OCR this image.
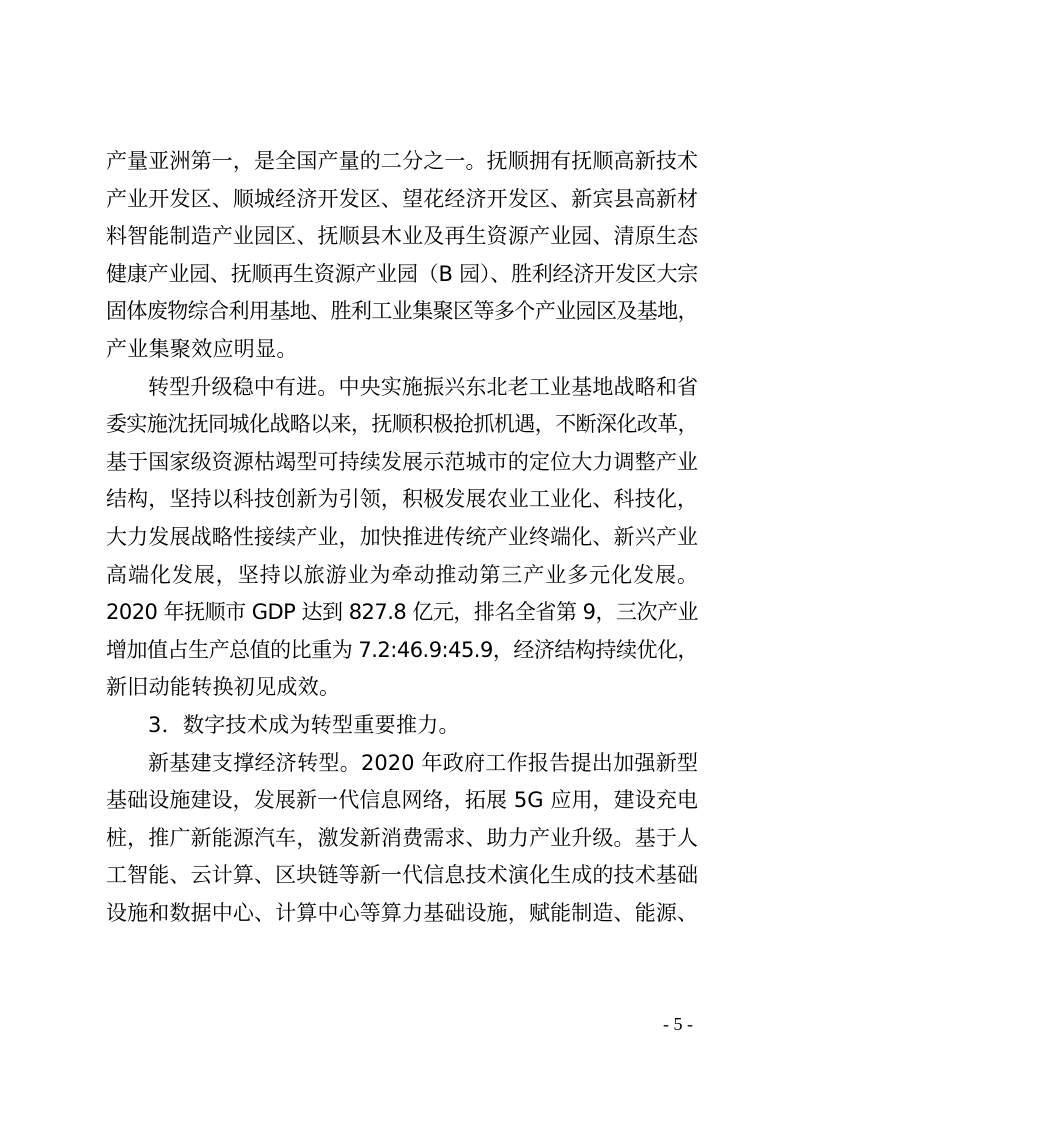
产量亚洲第一，是全国产量的二分之一。抚顺拥有抚顺高新技术
产业开发区、顺城经济开发区、望花经济开发区、新宾县高新材
料智能制造产业园区、抚顺县木业及再生资源产业园、清原生态
健康产业园、抚顺再生资源产业园（B 园）、胜利经济开发区大宗
固体废物综合利用基地、胜利工业集聚区等多个产业园区及基地，

产业集聚效应明显。

转型升级稳中有进。中央实施振兴东北老工业基地战略和省
委实施沈抚同城化战略以来，抚顺积极抢抓机遇，不断深化改革，
基于国家级资源枯竭型可持续发展示范城市的定位大力调整产业
结构，坚持以科技创新为引领，积极发展农业工业化、科技化，
大力发展战略性接续产业，加快推进传统产业终端化、新兴产业
高端化发展，坚持以旅游业为牵动推动第三产业多元化发展。
2020 年抚顺市 GDP 达到 827.8 亿元，排名全省第 9，三次产业
增加值占生产总值的比重为 7.2:46.9:45.9，经济结构持续优化，

新旧动能转换初见成效。

3．数字技术成为转型重要推力。

新基建支撑经济转型。2020 年政府工作报告提出加强新型
基础设施建设，发展新一代信息网络，拓展 5G 应用，建设充电
桩，推广新能源汽车，激发新消费需求、助力产业升级。基于人
工智能、云计算、区块链等新一代信息技术演化生成的技术基础
设施和数据中心、计算中心等算力基础设施，赋能制造、能源、

- 5 -
